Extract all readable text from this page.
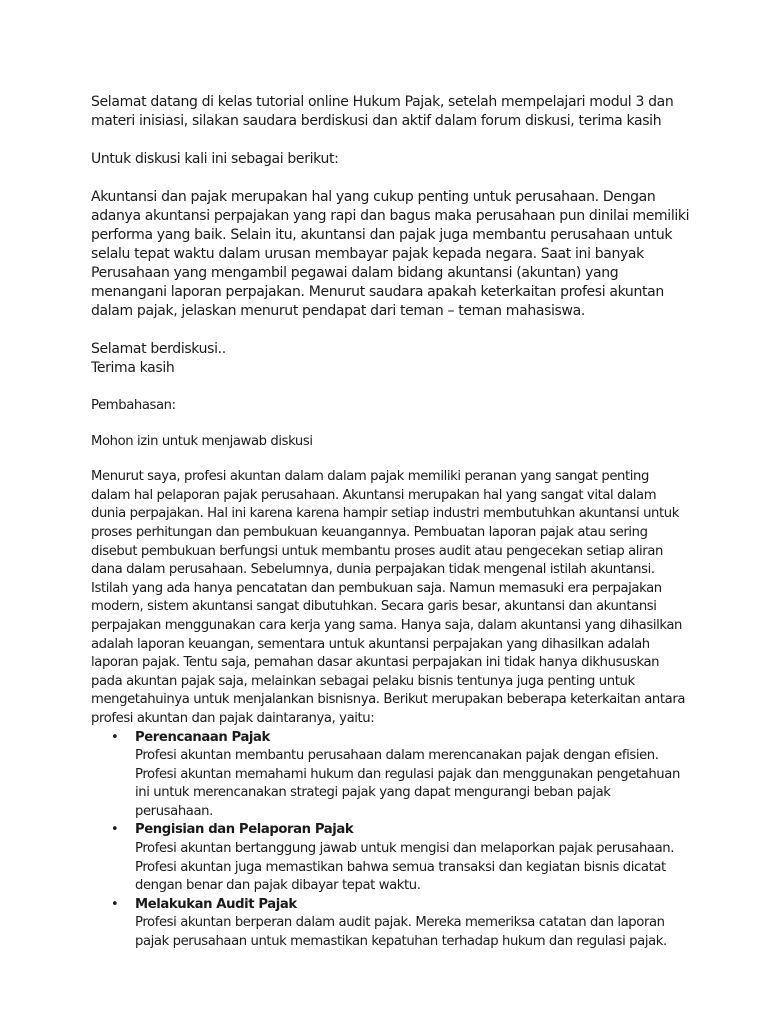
Selamat datang di kelas tutorial online Hukum Pajak, setelah mempelajari modul 3 dan materi inisiasi, silakan saudara berdiskusi dan aktif dalam forum diskusi, terima kasih

Untuk diskusi kali ini sebagai berikut:

Akuntansi dan pajak merupakan hal yang cukup penting untuk perusahaan. Dengan adanya akuntansi perpajakan yang rapi dan bagus maka perusahaan pun dinilai memiliki performa yang baik. Selain itu, akuntansi dan pajak juga membantu perusahaan untuk selalu tepat waktu dalam urusan membayar pajak kepada negara. Saat ini banyak Perusahaan yang mengambil pegawai dalam bidang akuntansi (akuntan) yang menangani laporan perpajakan. Menurut saudara apakah keterkaitan profesi akuntan dalam pajak, jelaskan menurut pendapat dari teman – teman mahasiswa.

Selamat berdiskusi..

Terima kasih

Pembahasan:

Mohon izin untuk menjawab diskusi

Menurut saya, profesi akuntan dalam dalam pajak memiliki peranan yang sangat penting dalam hal pelaporan pajak perusahaan. Akuntansi merupakan hal yang sangat vital dalam dunia perpajakan. Hal ini karena karena hampir setiap industri membutuhkan akuntansi untuk proses perhitungan dan pembukuan keuangannya. Pembuatan laporan pajak atau sering disebut pembukuan berfungsi untuk membantu proses audit atau pengecekan setiap aliran dana dalam perusahaan. Sebelumnya, dunia perpajakan tidak mengenal istilah akuntansi. Istilah yang ada hanya pencatatan dan pembukuan saja. Namun memasuki era perpajakan modern, sistem akuntansi sangat dibutuhkan. Secara garis besar, akuntansi dan akuntansi perpajakan menggunakan cara kerja yang sama. Hanya saja, dalam akuntansi yang dihasilkan adalah laporan keuangan, sementara untuk akuntansi perpajakan yang dihasilkan adalah laporan pajak. Tentu saja, pemahan dasar akuntasi perpajakan ini tidak hanya dikhususkan pada akuntan pajak saja, melainkan sebagai pelaku bisnis tentunya juga penting untuk mengetahuinya untuk menjalankan bisnisnya. Berikut merupakan beberapa keterkaitan antara profesi akuntan dan pajak daintaranya, yaitu:

• Perencanaan Pajak
Profesi akuntan membantu perusahaan dalam merencanakan pajak dengan efisien. Profesi akuntan memahami hukum dan regulasi pajak dan menggunakan pengetahuan ini untuk merencanakan strategi pajak yang dapat mengurangi beban pajak perusahaan.
• Pengisian dan Pelaporan Pajak
Profesi akuntan bertanggung jawab untuk mengisi dan melaporkan pajak perusahaan. Profesi akuntan juga memastikan bahwa semua transaksi dan kegiatan bisnis dicatat dengan benar dan pajak dibayar tepat waktu.
• Melakukan Audit Pajak
Profesi akuntan berperan dalam audit pajak. Mereka memeriksa catatan dan laporan pajak perusahaan untuk memastikan kepatuhan terhadap hukum dan regulasi pajak.
